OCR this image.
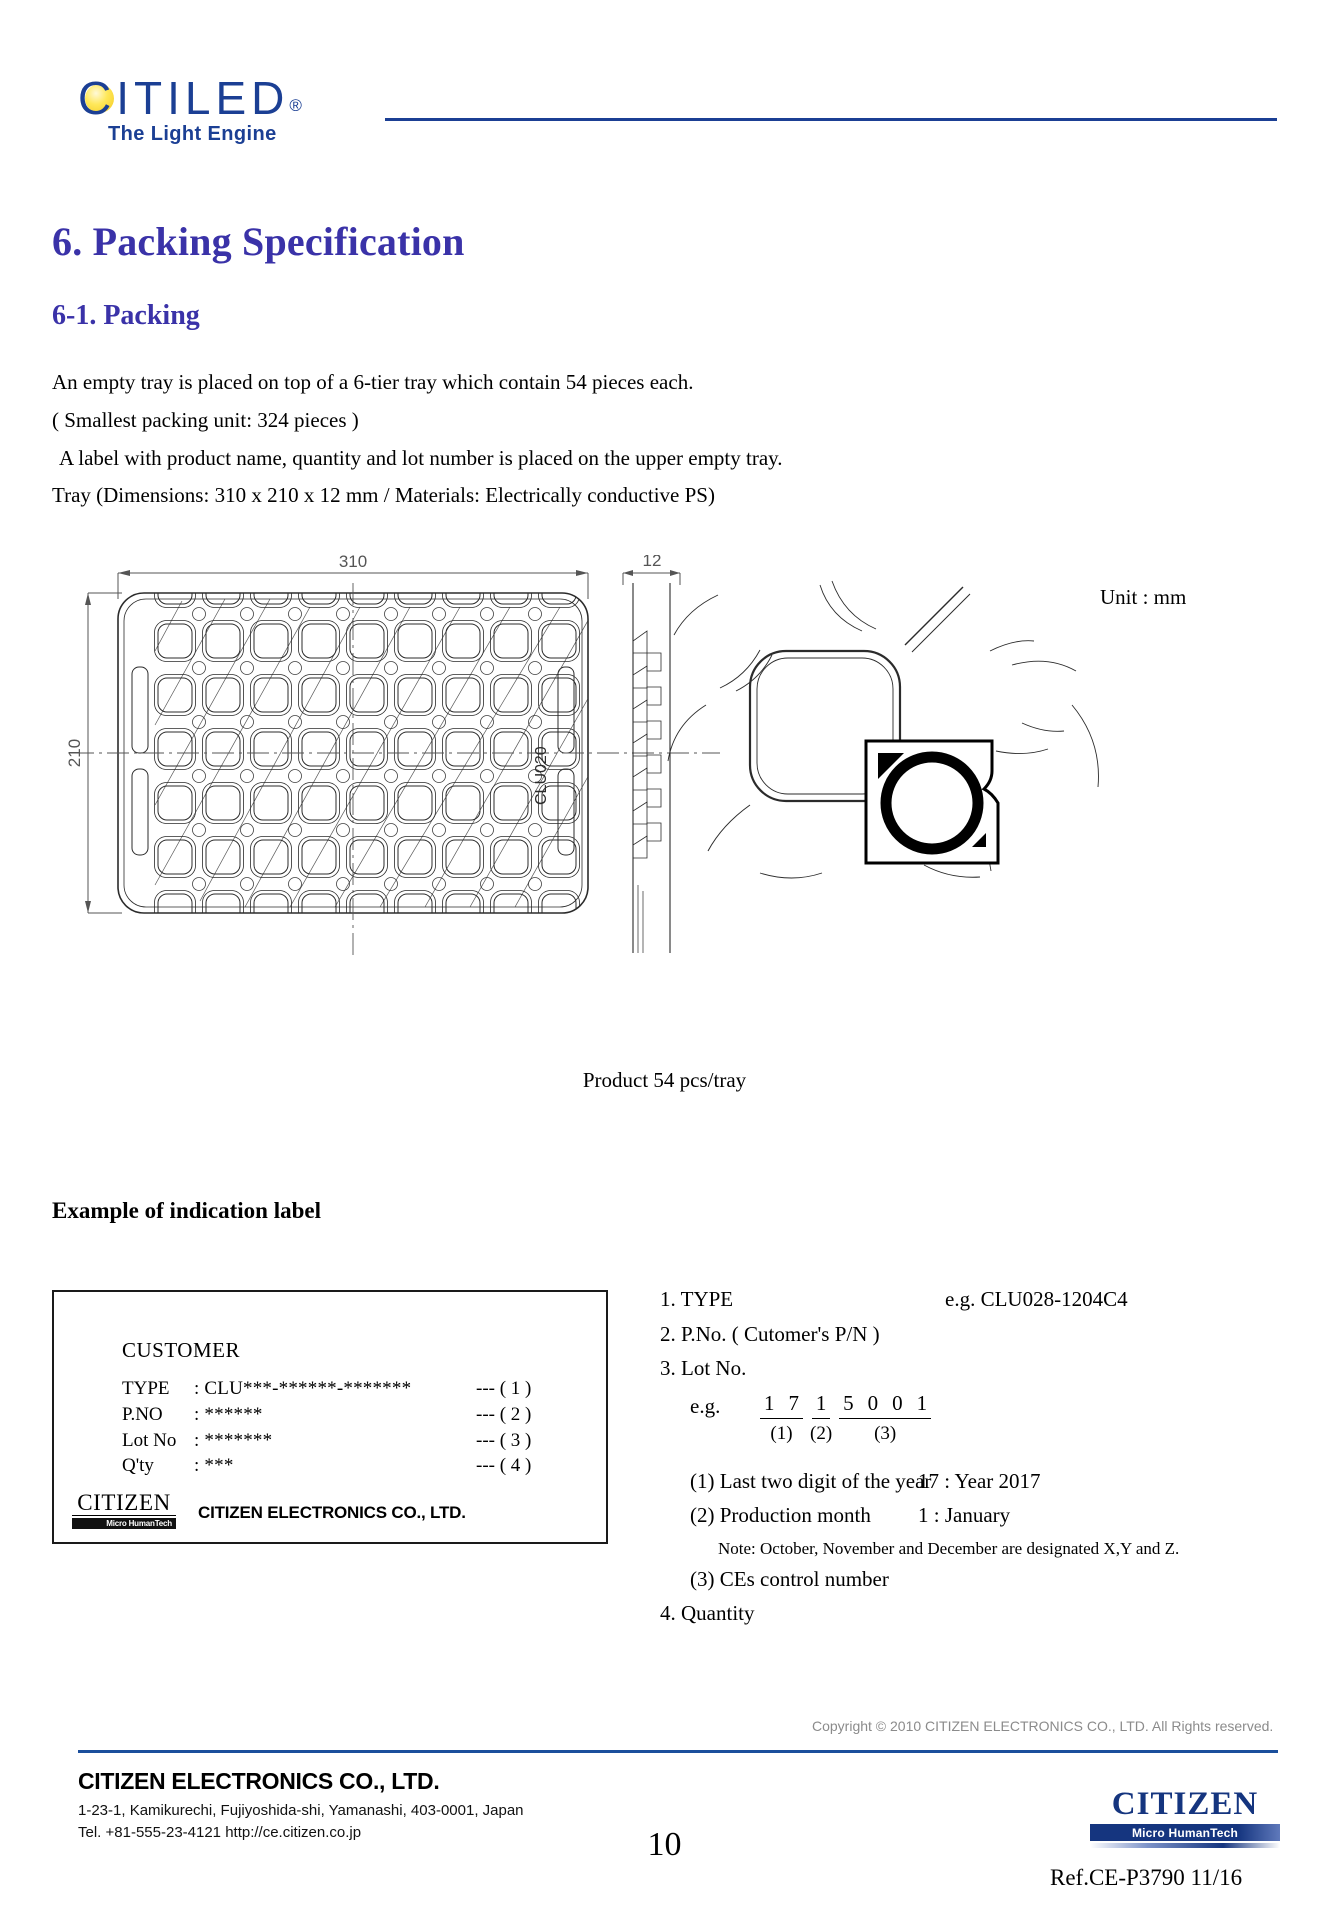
CITILED®
The Light Engine
6. Packing Specification
6-1. Packing

An empty tray is placed on top of a 6-tier tray which contain 54 pieces each.

( Smallest packing unit: 324 pieces )

A label with product name, quantity and lot number is placed on the upper empty tray.

Tray (Dimensions: 310 x 210 x 12 mm / Materials: Electrically conductive PS)

310
210	CLU020
12
Unit : mm
Product 54 pcs/tray
Example of indication label
CUSTOMER
TYPE	: CLU***-******-*******	--- ( 1 )
P.NO	: ******	--- ( 2 )
Lot No : *******	--- ( 3 )
Q'ty	: ***	--- ( 4 )
CITIZEN
Micro HumanTech
CITIZEN ELECTRONICS CO., LTD.
1. TYPE	e.g. CLU028-1204C4
2. P.No. ( Cutomer's P/N )
3. Lot No.
e.g. 1 7
(1)
1
(2)
5 0 0 1
(3)
(1) Last two digit of the year
17 : Year 2017
(2) Production month 1 : January
Note: October, November and December are designated X,Y and Z.
(3) CEs control number
4. Quantity
Copyright © 2010 CITIZEN ELECTRONICS CO., LTD. All Rights reserved.
CITIZEN ELECTRONICS CO., LTD.
1-23-1, Kamikurechi, Fujiyoshida-shi, Yamanashi, 403-0001, Japan
Tel. +81-555-23-4121 http://ce.citizen.co.jp	10
CITIZEN
Micro HumanTech
Ref.CE-P3790 11/16
